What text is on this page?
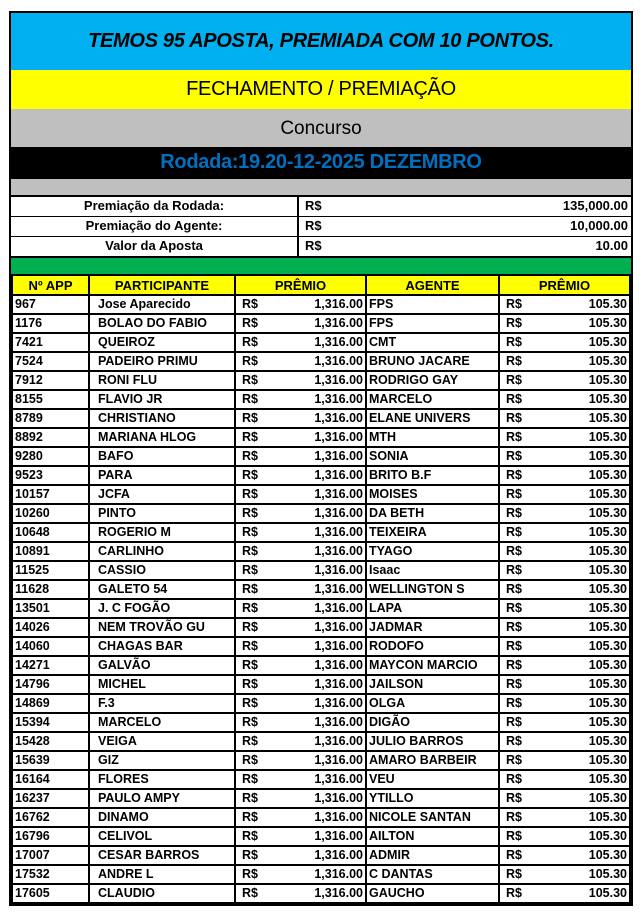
TEMOS 95 APOSTA, PREMIADA COM 10 PONTOS.
FECHAMENTO / PREMIAÇÃO
Concurso
Rodada:19.20-12-2025 DEZEMBRO
Premiação da Rodada:	R$	135,000.00
Premiação do Agente:	R$	10,000.00
Valor da Aposta	R$	10.00
Nº APP	PARTICIPANTE	PRÊMIO		AGENTE	PRÊMIO	
967	Jose Aparecido	R$	1,316.00	FPS	R$	105.30
1176	BOLAO DO FABIO	R$	1,316.00	FPS	R$	105.30
7421	QUEIROZ	R$	1,316.00	CMT	R$	105.30
7524	PADEIRO PRIMU	R$	1,316.00	BRUNO JACARE	R$	105.30
7912	RONI FLU	R$	1,316.00	RODRIGO GAY	R$	105.30
8155	FLAVIO JR	R$	1,316.00	MARCELO	R$	105.30
8789	CHRISTIANO	R$	1,316.00	ELANE UNIVERS	R$	105.30
8892	MARIANA HLOG	R$	1,316.00	MTH	R$	105.30
9280	BAFO	R$	1,316.00	SONIA	R$	105.30
9523	PARA	R$	1,316.00	BRITO B.F	R$	105.30
10157	JCFA	R$	1,316.00	MOISES	R$	105.30
10260	PINTO	R$	1,316.00	DA BETH	R$	105.30
10648	ROGERIO M	R$	1,316.00	TEIXEIRA	R$	105.30
10891	CARLINHO	R$	1,316.00	TYAGO	R$	105.30
11525	CASSIO	R$	1,316.00	Isaac	R$	105.30
11628	GALETO 54	R$	1,316.00	WELLINGTON S	R$	105.30
13501	J. C FOGÃO	R$	1,316.00	LAPA	R$	105.30
14026	NEM TROVÃO GU	R$	1,316.00	JADMAR	R$	105.30
14060	CHAGAS BAR	R$	1,316.00	RODOFO	R$	105.30
14271	GALVÃO	R$	1,316.00	MAYCON MARCIO	R$	105.30
14796	MICHEL	R$	1,316.00	JAILSON	R$	105.30
14869	F.3	R$	1,316.00	OLGA	R$	105.30
15394	MARCELO	R$	1,316.00	DIGÃO	R$	105.30
15428	VEIGA	R$	1,316.00	JULIO BARROS	R$	105.30
15639	GIZ	R$	1,316.00	AMARO BARBEIR	R$	105.30
16164	FLORES	R$	1,316.00	VEU	R$	105.30
16237	PAULO AMPY	R$	1,316.00	YTILLO	R$	105.30
16762	DINAMO	R$	1,316.00	NICOLE SANTAN	R$	105.30
16796	CELIVOL	R$	1,316.00	AILTON	R$	105.30
17007	CESAR BARROS	R$	1,316.00	ADMIR	R$	105.30
17532	ANDRE L	R$	1,316.00	C DANTAS	R$	105.30
17605	CLAUDIO	R$	1,316.00	GAUCHO	R$	105.30
